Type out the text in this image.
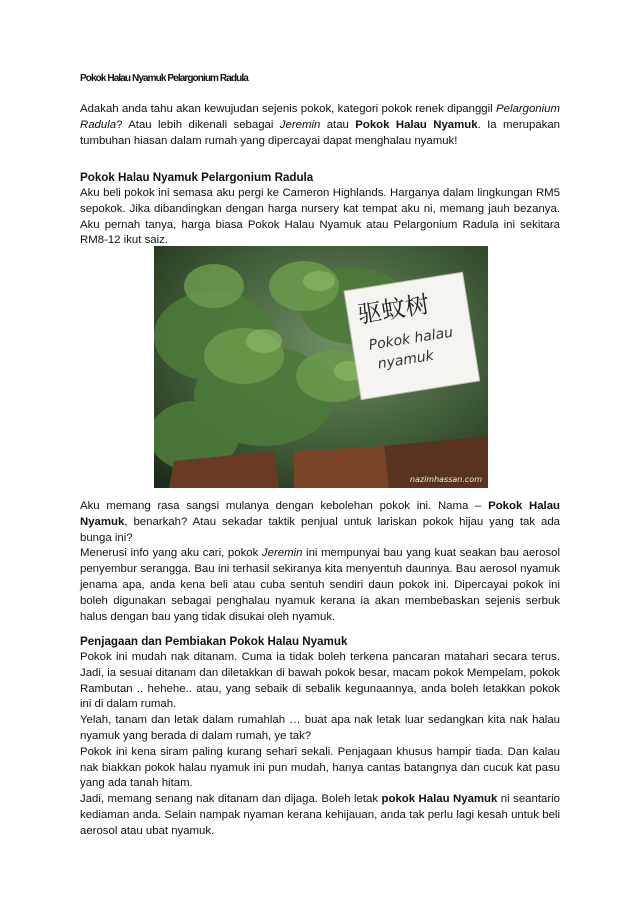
Pokok Halau Nyamuk Pelargonium Radula

Adakah anda tahu akan kewujudan sejenis pokok, kategori pokok renek dipanggil Pelargonium Radula? Atau lebih dikenali sebagai Jeremin atau Pokok Halau Nyamuk. Ia merupakan tumbuhan hiasan dalam rumah yang dipercayai dapat menghalau nyamuk!

Pokok Halau Nyamuk Pelargonium Radula

Aku beli pokok ini semasa aku pergi ke Cameron Highlands. Harganya dalam lingkungan RM5 sepokok. Jika dibandingkan dengan harga nursery kat tempat aku ni, memang jauh bezanya. Aku pernah tanya, harga biasa Pokok Halau Nyamuk atau Pelargonium Radula ini sekitara RM8-12 ikut saiz.

驱蚊树
Pokok halau
nyamuk
nazimhassan.com

Aku memang rasa sangsi mulanya dengan kebolehan pokok ini. Nama – Pokok Halau Nyamuk, benarkah? Atau sekadar taktik penjual untuk lariskan pokok hijau yang tak ada bunga ini?

Menerusi info yang aku cari, pokok Jeremin ini mempunyai bau yang kuat seakan bau aerosol penyembur serangga. Bau ini terhasil sekiranya kita menyentuh daunnya. Bau aerosol nyamuk jenama apa, anda kena beli atau cuba sentuh sendiri daun pokok ini. Dipercayai pokok ini boleh digunakan sebagai penghalau nyamuk kerana ia akan membebaskan sejenis serbuk halus dengan bau yang tidak disukai oleh nyamuk.

Penjagaan dan Pembiakan Pokok Halau Nyamuk

Pokok ini mudah nak ditanam. Cuma ia tidak boleh terkena pancaran matahari secara terus. Jadi, ia sesuai ditanam dan diletakkan di bawah pokok besar, macam pokok Mempelam, pokok Rambutan .. hehehe.. atau, yang sebaik di sebalik kegunaannya, anda boleh letakkan pokok ini di dalam rumah.

Yelah, tanam dan letak dalam rumahlah … buat apa nak letak luar sedangkan kita nak halau nyamuk yang berada di dalam rumah, ye tak?

Pokok ini kena siram paling kurang sehari sekali. Penjagaan khusus hampir tiada. Dan kalau nak biakkan pokok halau nyamuk ini pun mudah, hanya cantas batangnya dan cucuk kat pasu yang ada tanah hitam.

Jadi, memang senang nak ditanam dan dijaga. Boleh letak pokok Halau Nyamuk ni seantario kediaman anda. Selain nampak nyaman kerana kehijauan, anda tak perlu lagi kesah untuk beli aerosol atau ubat nyamuk.
